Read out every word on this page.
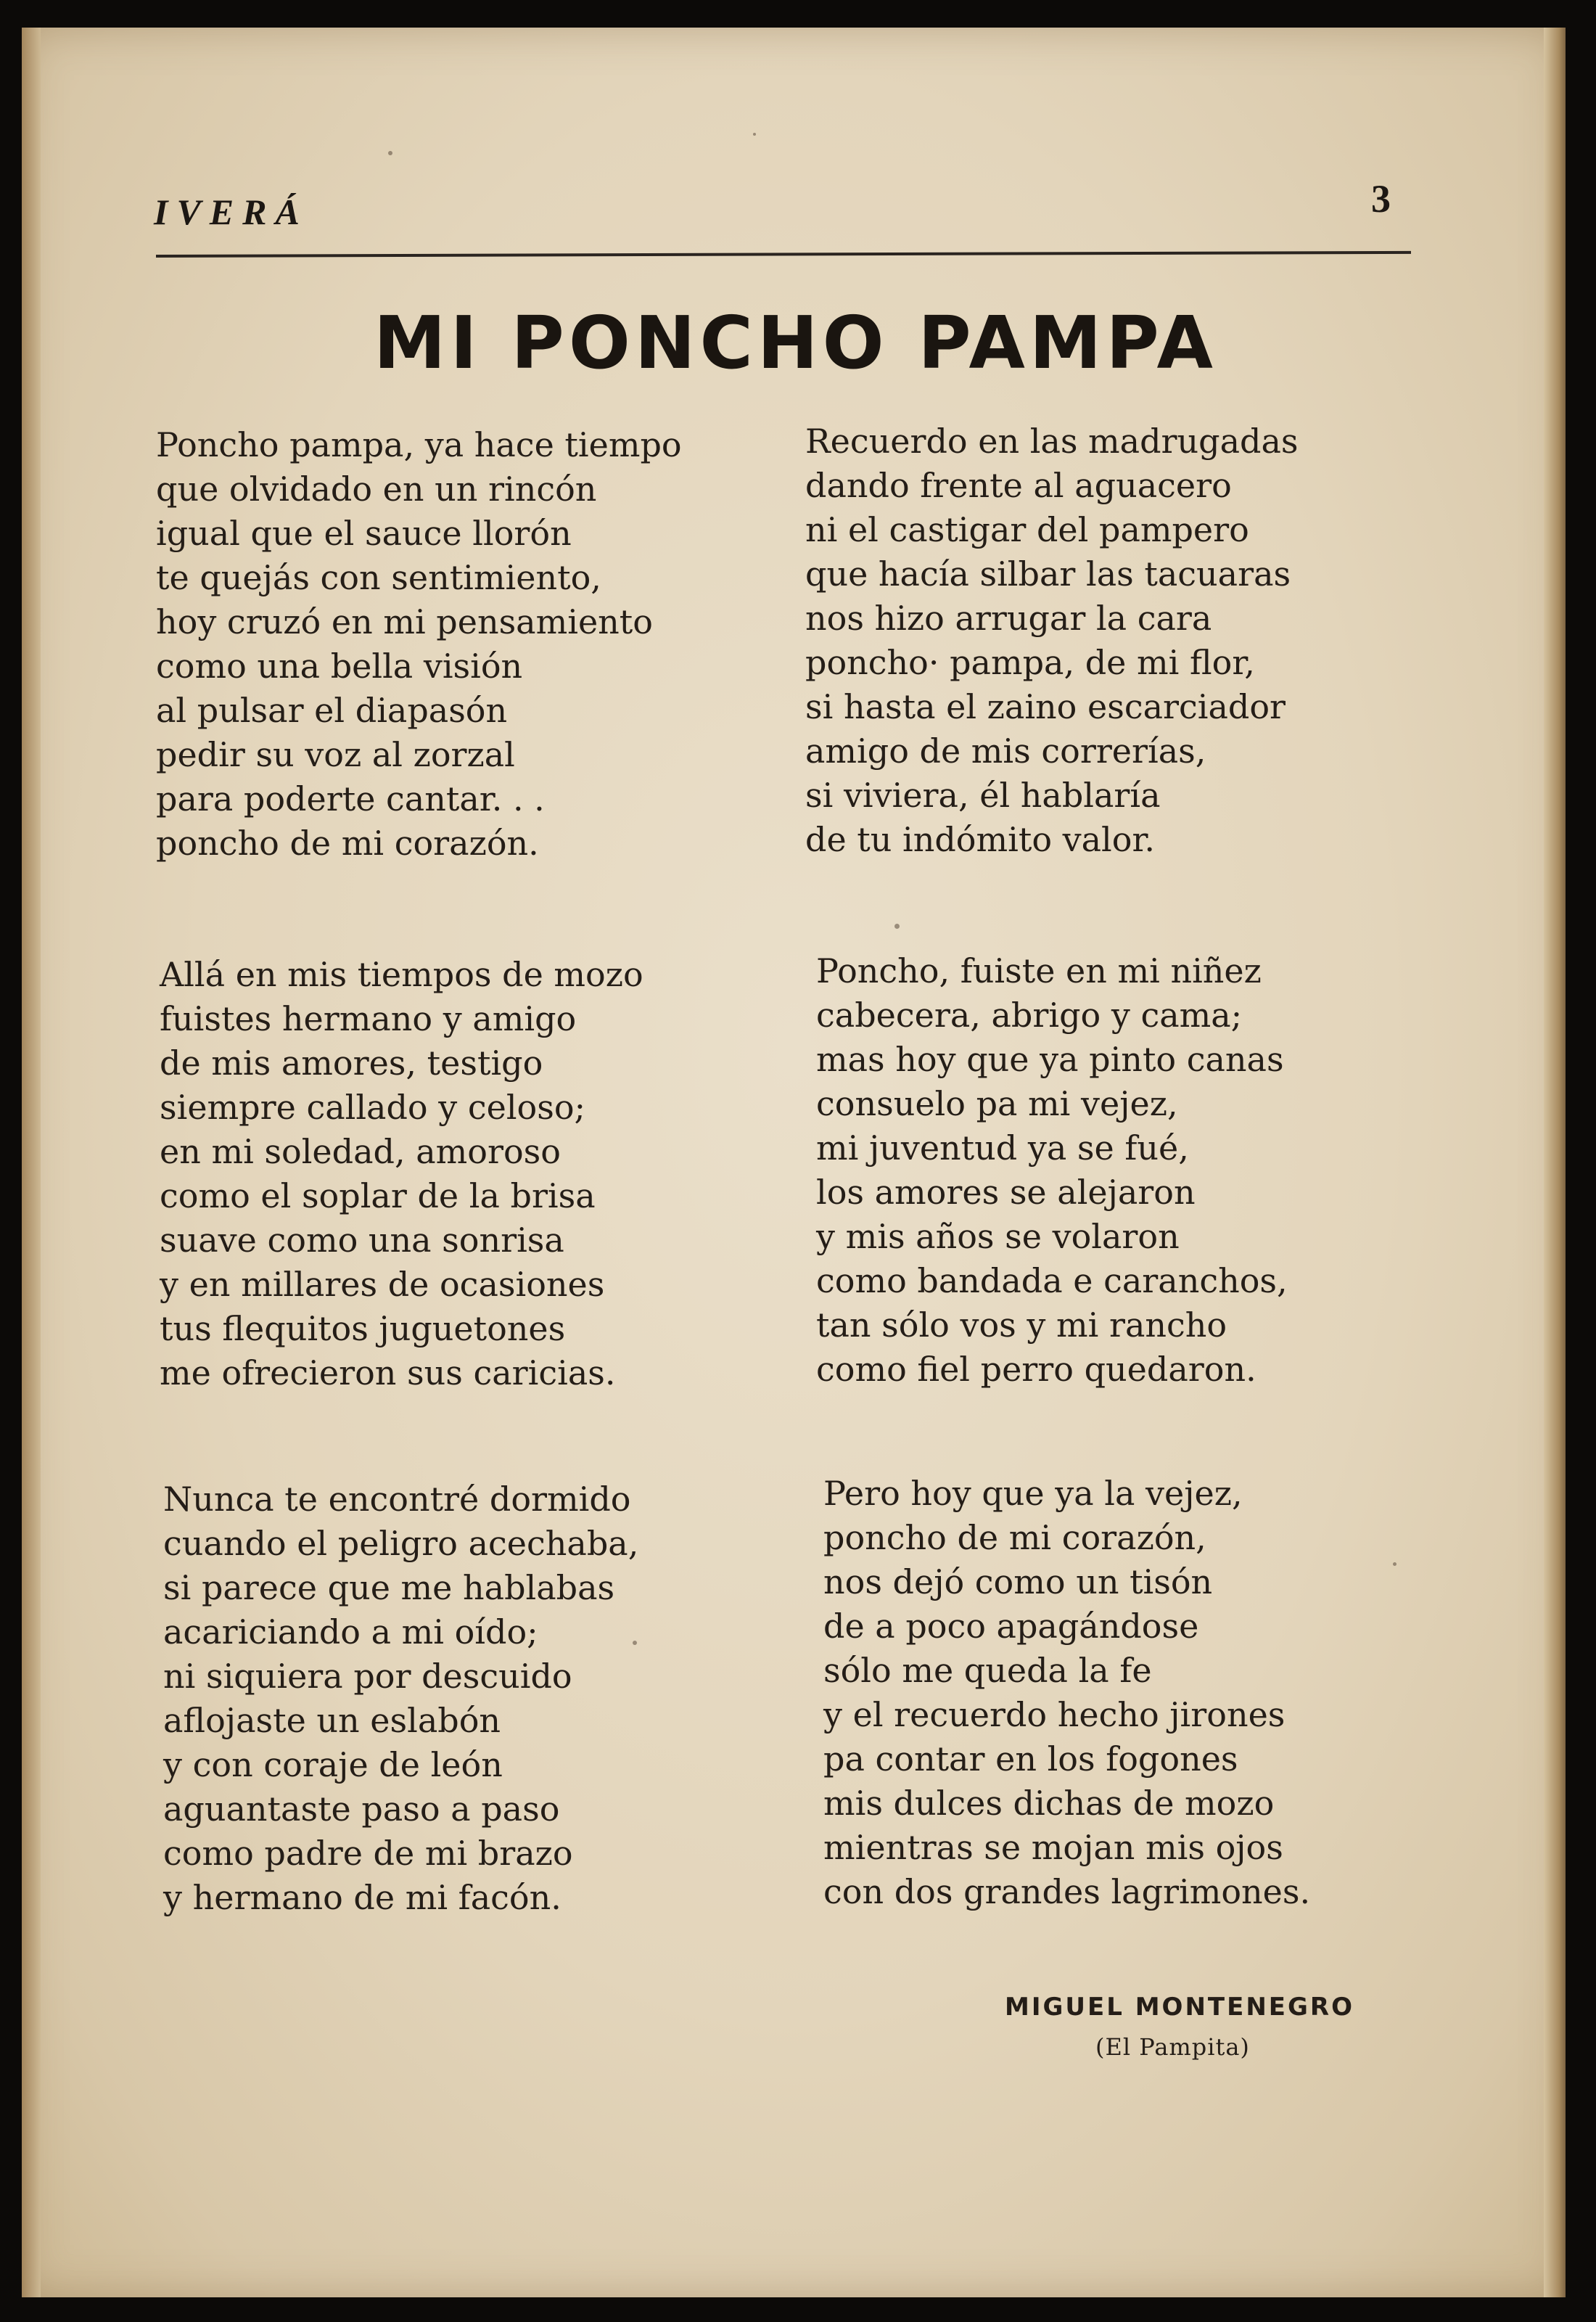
IVERÁ	3
MI PONCHO PAMPA
Poncho pampa, ya hace tiempo
que olvidado en un rincón
igual que el sauce llorón
te quejás con sentimiento,
hoy cruzó en mi pensamiento
como una bella visión
al pulsar el diapasón
pedir su voz al zorzal
para poderte cantar. . .
poncho de mi corazón.
Recuerdo en las madrugadas
dando frente al aguacero
ni el castigar del pampero
que hacía silbar las tacuaras
nos hizo arrugar la cara
poncho· pampa, de mi flor,
si hasta el zaino escarciador
amigo de mis correrías,
si viviera, él hablaría
de tu indómito valor.
Allá en mis tiempos de mozo
fuistes hermano y amigo
de mis amores, testigo
siempre callado y celoso;
en mi soledad, amoroso
como el soplar de la brisa
suave como una sonrisa
y en millares de ocasiones
tus flequitos juguetones
me ofrecieron sus caricias.
Poncho, fuiste en mi niñez
cabecera, abrigo y cama;
mas hoy que ya pinto canas
consuelo pa mi vejez,
mi juventud ya se fué,
los amores se alejaron
y mis años se volaron
como bandada e caranchos,
tan sólo vos y mi rancho
como fiel perro quedaron.
Nunca te encontré dormido
cuando el peligro acechaba,
si parece que me hablabas
acariciando a mi oído;
ni siquiera por descuido
aflojaste un eslabón
y con coraje de león
aguantaste paso a paso
como padre de mi brazo
y hermano de mi facón.
Pero hoy que ya la vejez,
poncho de mi corazón,
nos dejó como un tisón
de a poco apagándose
sólo me queda la fe
y el recuerdo hecho jirones
pa contar en los fogones
mis dulces dichas de mozo
mientras se mojan mis ojos
con dos grandes lagrimones.
MIGUEL MONTENEGRO
(El Pampita)
